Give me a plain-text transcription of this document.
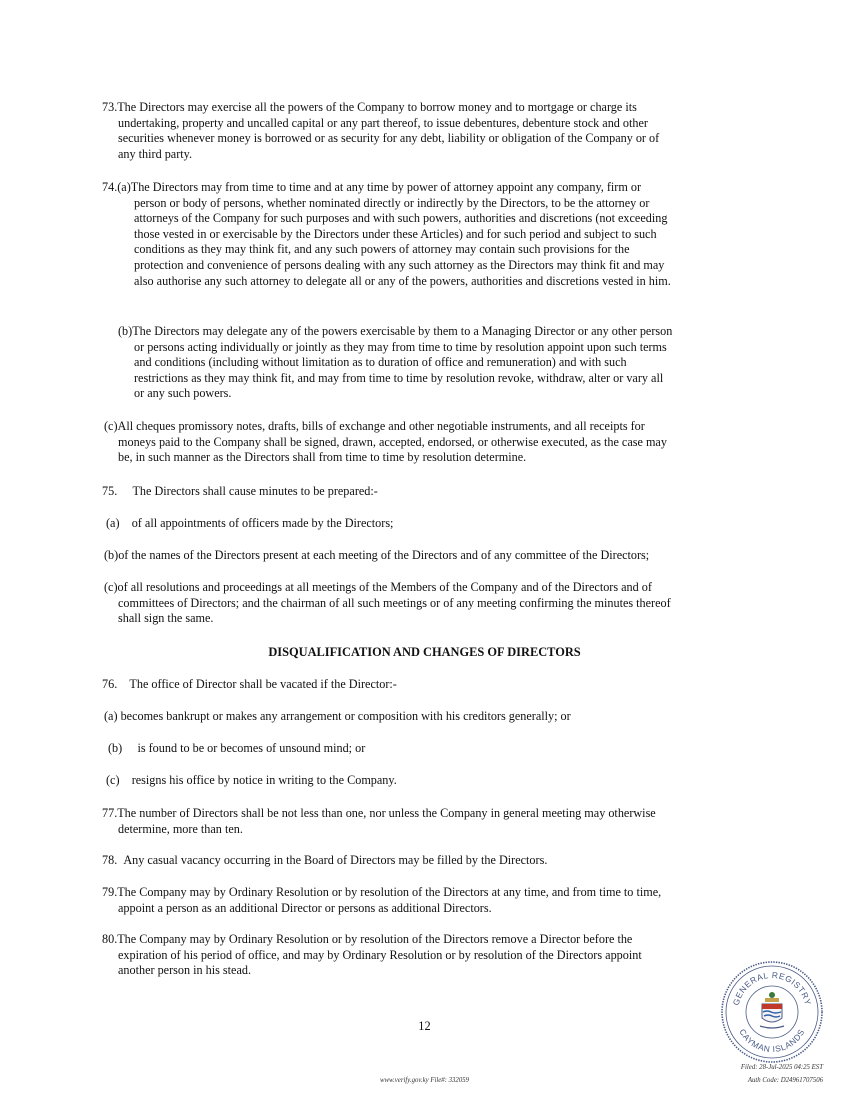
73.The Directors may exercise all the powers of the Company to borrow money and to mortgage or charge its
undertaking, property and uncalled capital or any part thereof, to issue debentures, debenture stock and other
securities whenever money is borrowed or as security for any debt, liability or obligation of the Company or of
any third party.
74.(a)The Directors may from time to time and at any time by power of attorney appoint any company, firm or
person or body of persons, whether nominated directly or indirectly by the Directors, to be the attorney or
attorneys of the Company for such purposes and with such powers, authorities and discretions (not exceeding
those vested in or exercisable by the Directors under these Articles) and for such period and subject to such
conditions as they may think fit, and any such powers of attorney may contain such provisions for the
protection and convenience of persons dealing with any such attorney as the Directors may think fit and may
also authorise any such attorney to delegate all or any of the powers, authorities and discretions vested in him.
(b)The Directors may delegate any of the powers exercisable by them to a Managing Director or any other person
or persons acting individually or jointly as they may from time to time by resolution appoint upon such terms
and conditions (including without limitation as to duration of office and remuneration) and with such
restrictions as they may think fit, and may from time to time by resolution revoke, withdraw, alter or vary all
or any such powers.
(c)All cheques promissory notes, drafts, bills of exchange and other negotiable instruments, and all receipts for
moneys paid to the Company shall be signed, drawn, accepted, endorsed, or otherwise executed, as the case may
be, in such manner as the Directors shall from time to time by resolution determine.
75.     The Directors shall cause minutes to be prepared:-
(a)    of all appointments of officers made by the Directors;
(b)of the names of the Directors present at each meeting of the Directors and of any committee of the Directors;
(c)of all resolutions and proceedings at all meetings of the Members of the Company and of the Directors and of
committees of Directors; and the chairman of all such meetings or of any meeting confirming the minutes thereof
shall sign the same.
DISQUALIFICATION AND CHANGES OF DIRECTORS
76.    The office of Director shall be vacated if the Director:-
(a) becomes bankrupt or makes any arrangement or composition with his creditors generally; or
(b)     is found to be or becomes of unsound mind; or
(c)    resigns his office by notice in writing to the Company.
77.The number of Directors shall be not less than one, nor unless the Company in general meeting may otherwise
determine, more than ten.
78.  Any casual vacancy occurring in the Board of Directors may be filled by the Directors.
79.The Company may by Ordinary Resolution or by resolution of the Directors at any time, and from time to time,
appoint a person as an additional Director or persons as additional Directors.
80.The Company may by Ordinary Resolution or by resolution of the Directors remove a Director before the
expiration of his period of office, and may by Ordinary Resolution or by resolution of the Directors appoint
another person in his stead.
12
GENERAL REGISTRY
CAYMAN ISLANDS
www.verify.gov.ky File#: 332059
Filed: 28-Jul-2025 04:25 EST
Auth Code: D24961707506
